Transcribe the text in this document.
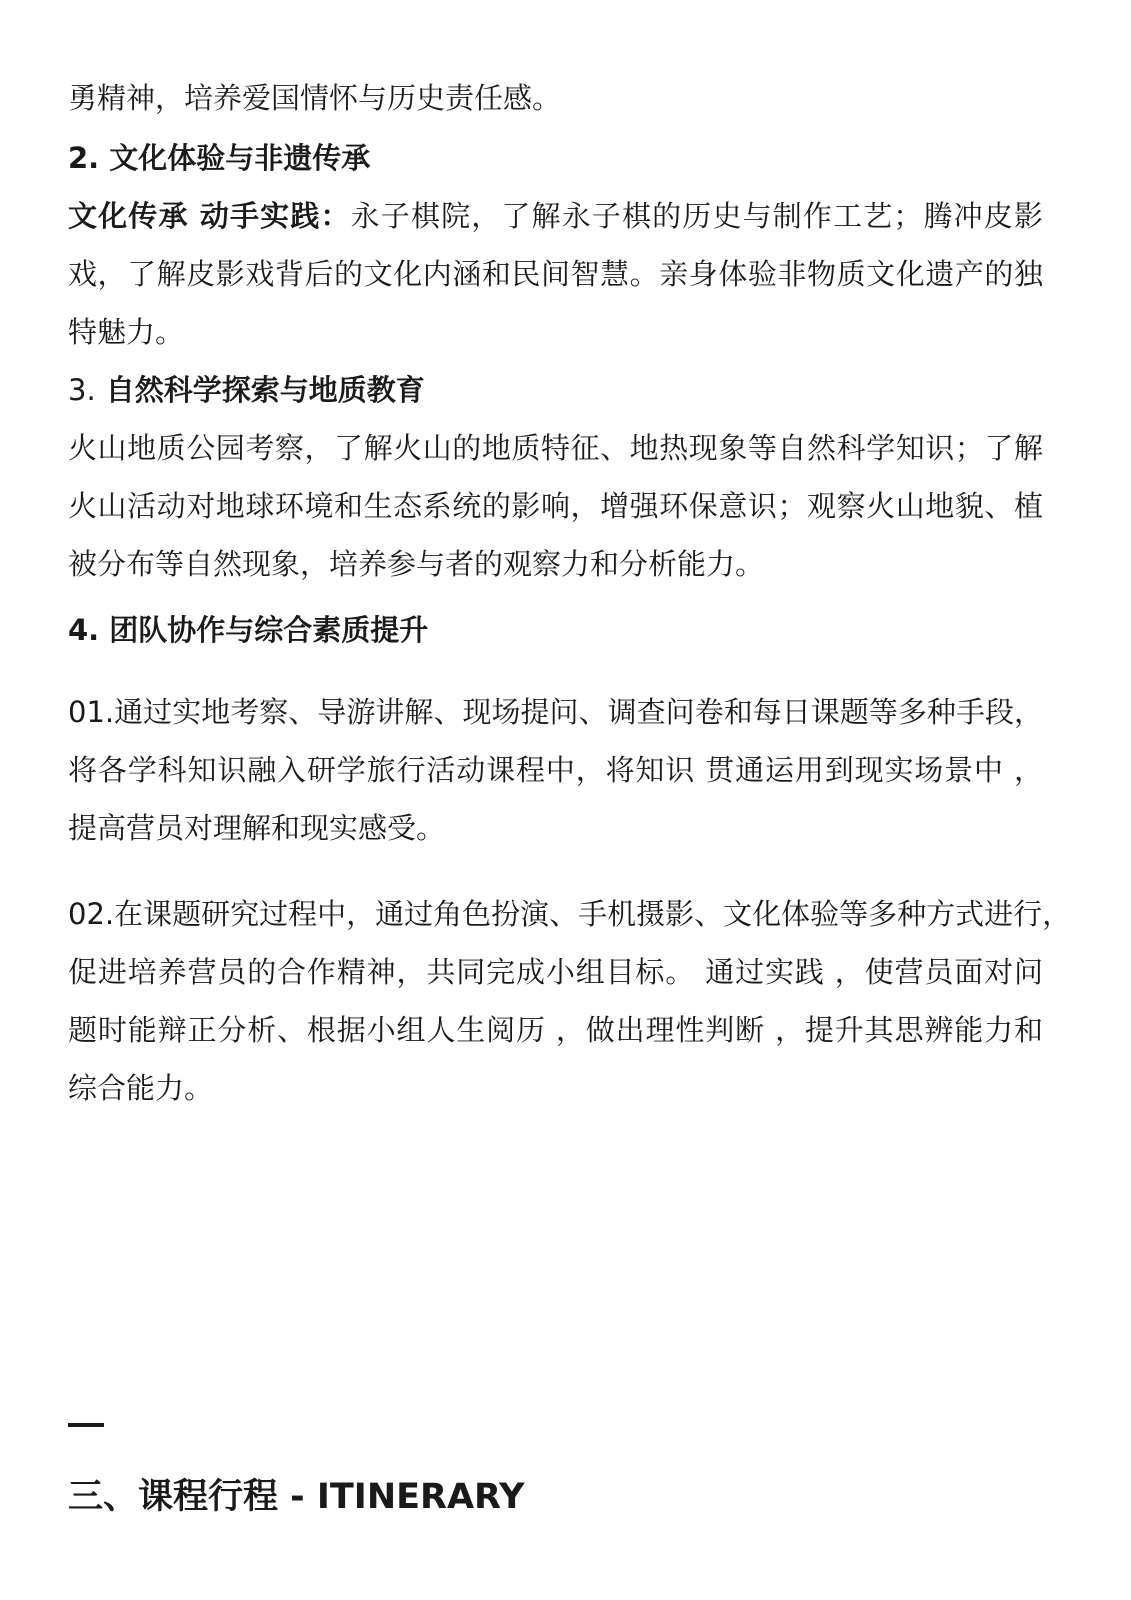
勇精神，培养爱国情怀与历史责任感。
2. 文化体验与非遗传承
文化传承 动手实践：永子棋院，了解永子棋的历史与制作工艺；腾冲皮影
戏，了解皮影戏背后的文化内涵和民间智慧。亲身体验非物质文化遗产的独
特魅力。
3. 自然科学探索与地质教育
火山地质公园考察，了解火山的地质特征、地热现象等自然科学知识；了解
火山活动对地球环境和生态系统的影响，增强环保意识；观察火山地貌、植
被分布等自然现象，培养参与者的观察力和分析能力。
4. 团队协作与综合素质提升
01.通过实地考察、导游讲解、现场提问、调查问卷和每日课题等多种手段，
将各学科知识融入研学旅行活动课程中，将知识 贯通运用到现实场景中 ，
提高营员对理解和现实感受。
02.在课题研究过程中，通过角色扮演、手机摄影、文化体验等多种方式进行，
促进培养营员的合作精神，共同完成小组目标。 通过实践 ，使营员面对问
题时能辩正分析、根据小组人生阅历 ，做出理性判断 ，提升其思辨能力和
综合能力。
三、课程行程 - ITINERARY
